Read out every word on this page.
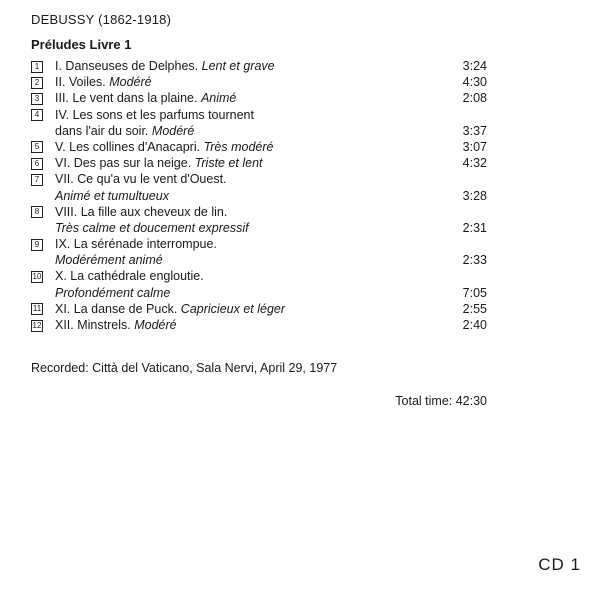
DEBUSSY (1862-1918)
Préludes Livre 1
1	I. Danseuses de Delphes. Lent et grave	3:24
2	II. Voiles. Modéré	4:30
3	III. Le vent dans la plaine. Animé	2:08
4	IV. Les sons et les parfums tournent
dans l'air du soir. Modéré	3:37
5	V. Les collines d'Anacapri. Très modéré	3:07
6	VI. Des pas sur la neige. Triste et lent	4:32
7	VII. Ce qu'a vu le vent d'Ouest.
Animé et tumultueux	3:28
8	VIII. La fille aux cheveux de lin.
Très calme et doucement expressif	2:31
9	IX. La sérénade interrompue.
Modérément animé	2:33
10 X. La cathédrale engloutie.
Profondément calme	7:05
11 XI. La danse de Puck. Capricieux et léger	2:55
12 XII. Minstrels. Modéré	2:40
Recorded: Città del Vaticano, Sala Nervi, April 29, 1977
Total time: 42:30
CD 1
